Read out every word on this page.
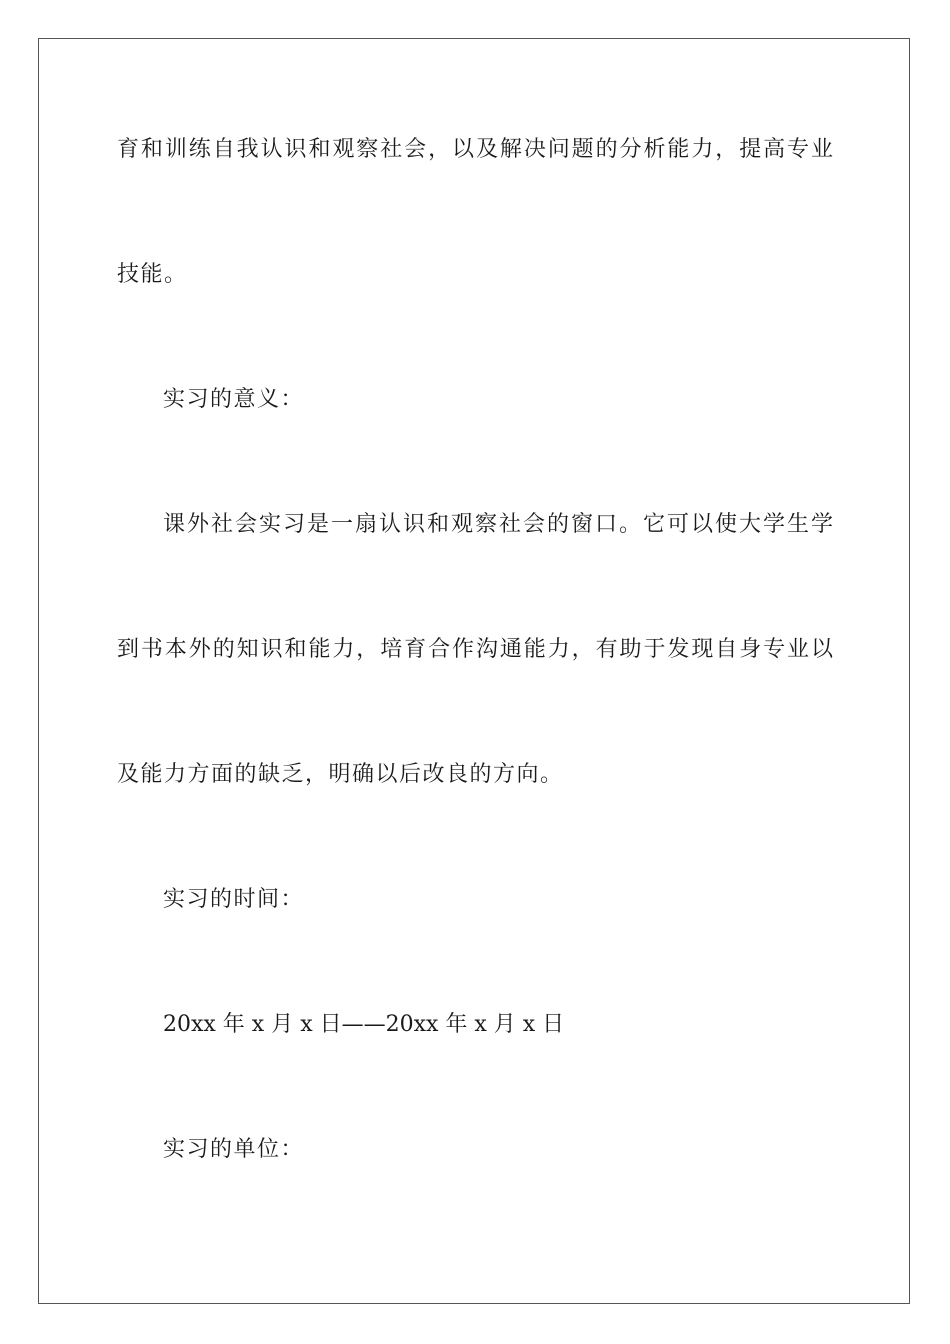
育和训练自我认识和观察社会，以及解决问题的分析能力，提高专业
技能。
实习的意义：
课外社会实习是一扇认识和观察社会的窗口。它可以使大学生学
到书本外的知识和能力，培育合作沟通能力，有助于发现自身专业以
及能力方面的缺乏，明确以后改良的方向。
实习的时间：
20xx 年 x 月 x 日——20xx 年 x 月 x 日
实习的单位：
